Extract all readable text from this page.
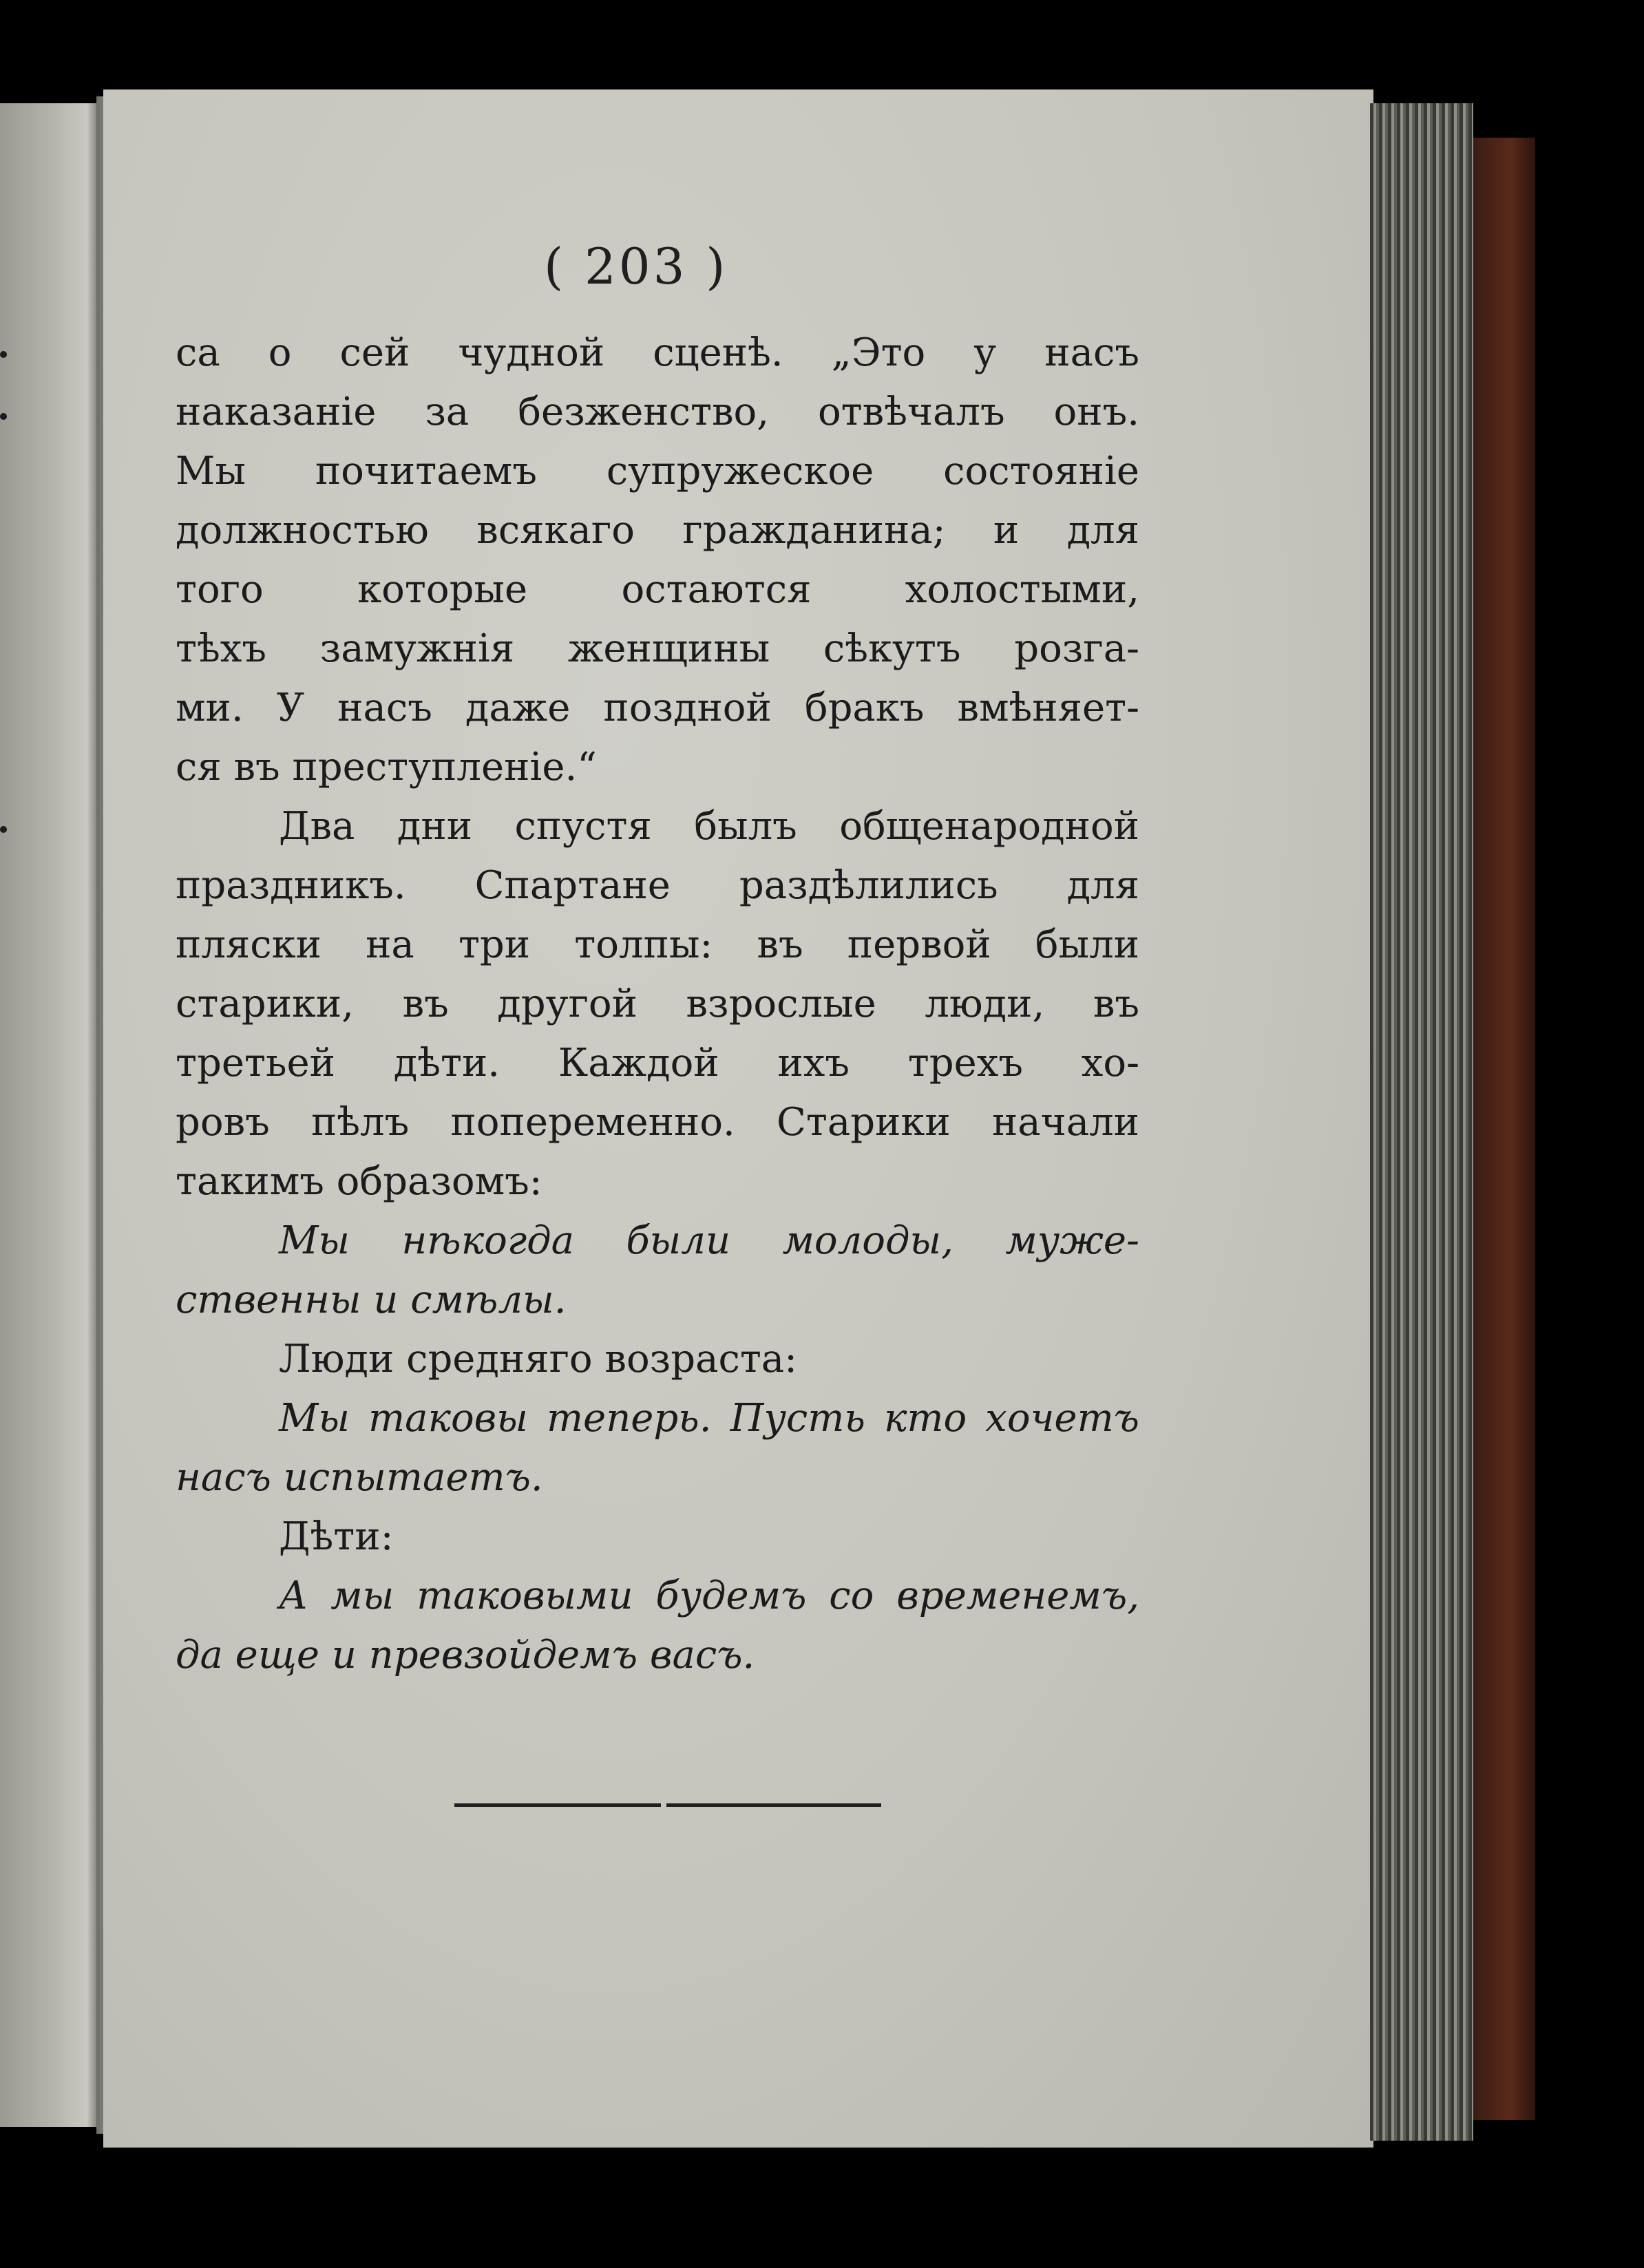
( 203 )
са о сей чудной сценѣ. „Это у насъ
наказаніе за безженство, отвѣчалъ онъ.
Мы почитаемъ супружеское состояніе
должностью всякаго гражданина; и для
того которые остаются холостыми,
тѣхъ замужнія женщины сѣкутъ розга-
ми. У насъ даже поздной бракъ вмѣняет-
ся въ преступленіе.“
Два дни спустя былъ общенародной
праздникъ. Спартане раздѣлились для
пляски на три толпы: въ первой были
старики, въ другой взрослые люди, въ
третьей дѣти. Каждой ихъ трехъ хо-
ровъ пѣлъ попеременно. Старики начали
такимъ образомъ:
Мы нѣкогда были молоды, муже-
ственны и смѣлы.
Люди средняго возраста:
Мы таковы теперь. Пусть кто хочетъ
насъ испытаетъ.
Дѣти:
А мы таковыми будемъ со временемъ,
да еще и превзойдемъ васъ.
